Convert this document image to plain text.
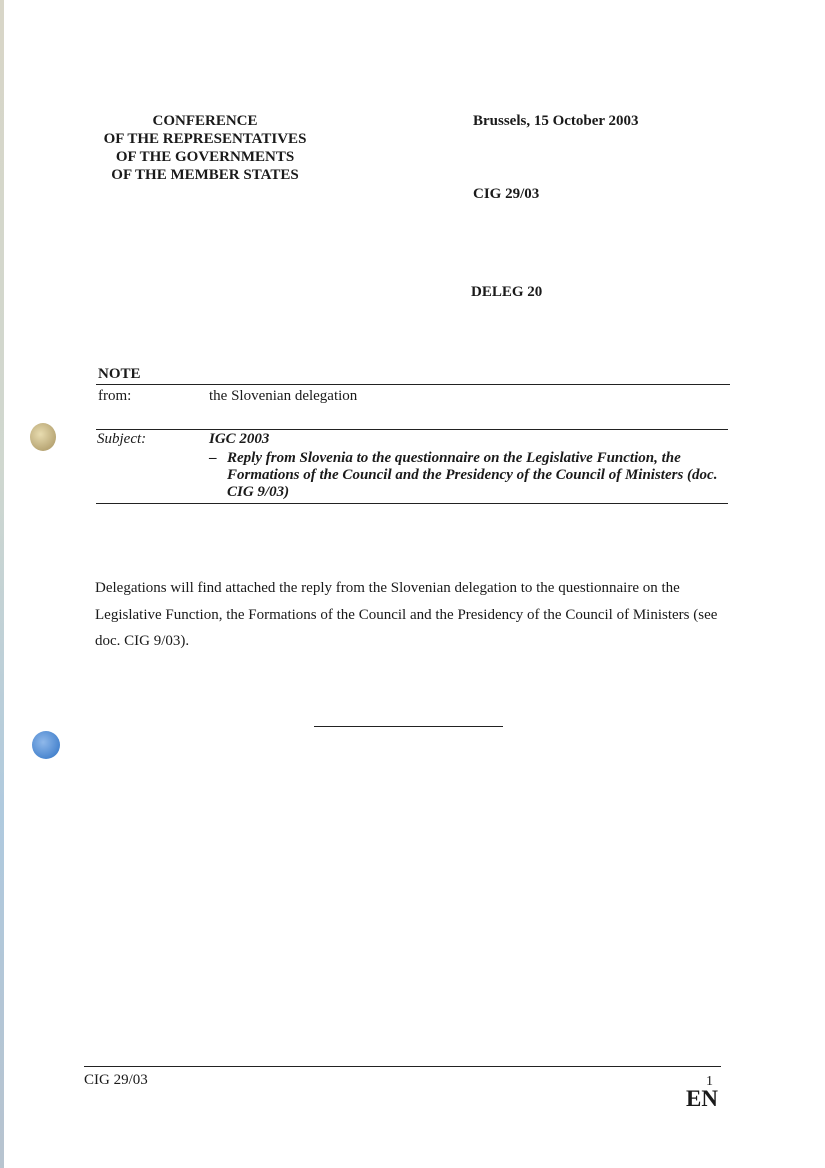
CONFERENCE
OF THE REPRESENTATIVES
OF THE GOVERNMENTS
OF THE MEMBER STATES
Brussels, 15 October 2003
CIG 29/03
DELEG 20
NOTE
from:	the Slovenian delegation
Subject:	IGC 2003
– Reply from Slovenia to the questionnaire on the Legislative Function, the Formations of the Council and the Presidency of the Council of Ministers (doc. CIG 9/03)
Delegations will find attached the reply from the Slovenian delegation to the questionnaire on the Legislative Function, the Formations of the Council and the Presidency of the Council of Ministers (see doc. CIG 9/03).
CIG 29/03	1
EN
